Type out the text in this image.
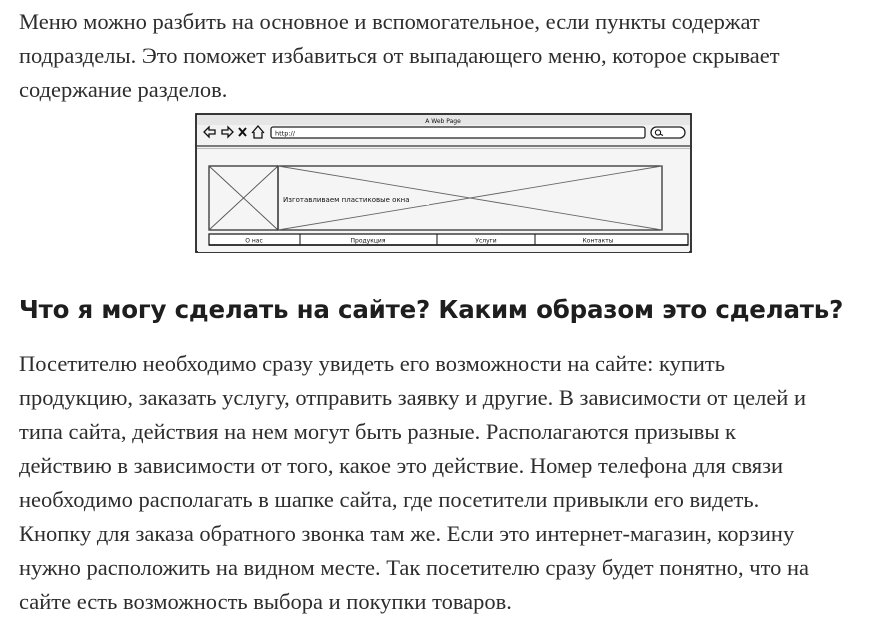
Меню можно разбить на основное и вспомогательное, если пункты содержат
подразделы. Это поможет избавиться от выпадающего меню, которое скрывает
содержание разделов.

A Web Page
http://
Изготавливаем пластиковые окна
О нас	Продукция	Услуги	Контакты
Что я могу сделать на сайте? Каким образом это сделать?

Посетителю необходимо сразу увидеть его возможности на сайте: купить
продукцию, заказать услугу, отправить заявку и другие. В зависимости от целей и
типа сайта, действия на нем могут быть разные. Располагаются призывы к
действию в зависимости от того, какое это действие. Номер телефона для связи
необходимо располагать в шапке сайта, где посетители привыкли его видеть.
Кнопку для заказа обратного звонка там же. Если это интернет-магазин, корзину
нужно расположить на видном месте. Так посетителю сразу будет понятно, что на
сайте есть возможность выбора и покупки товаров.
